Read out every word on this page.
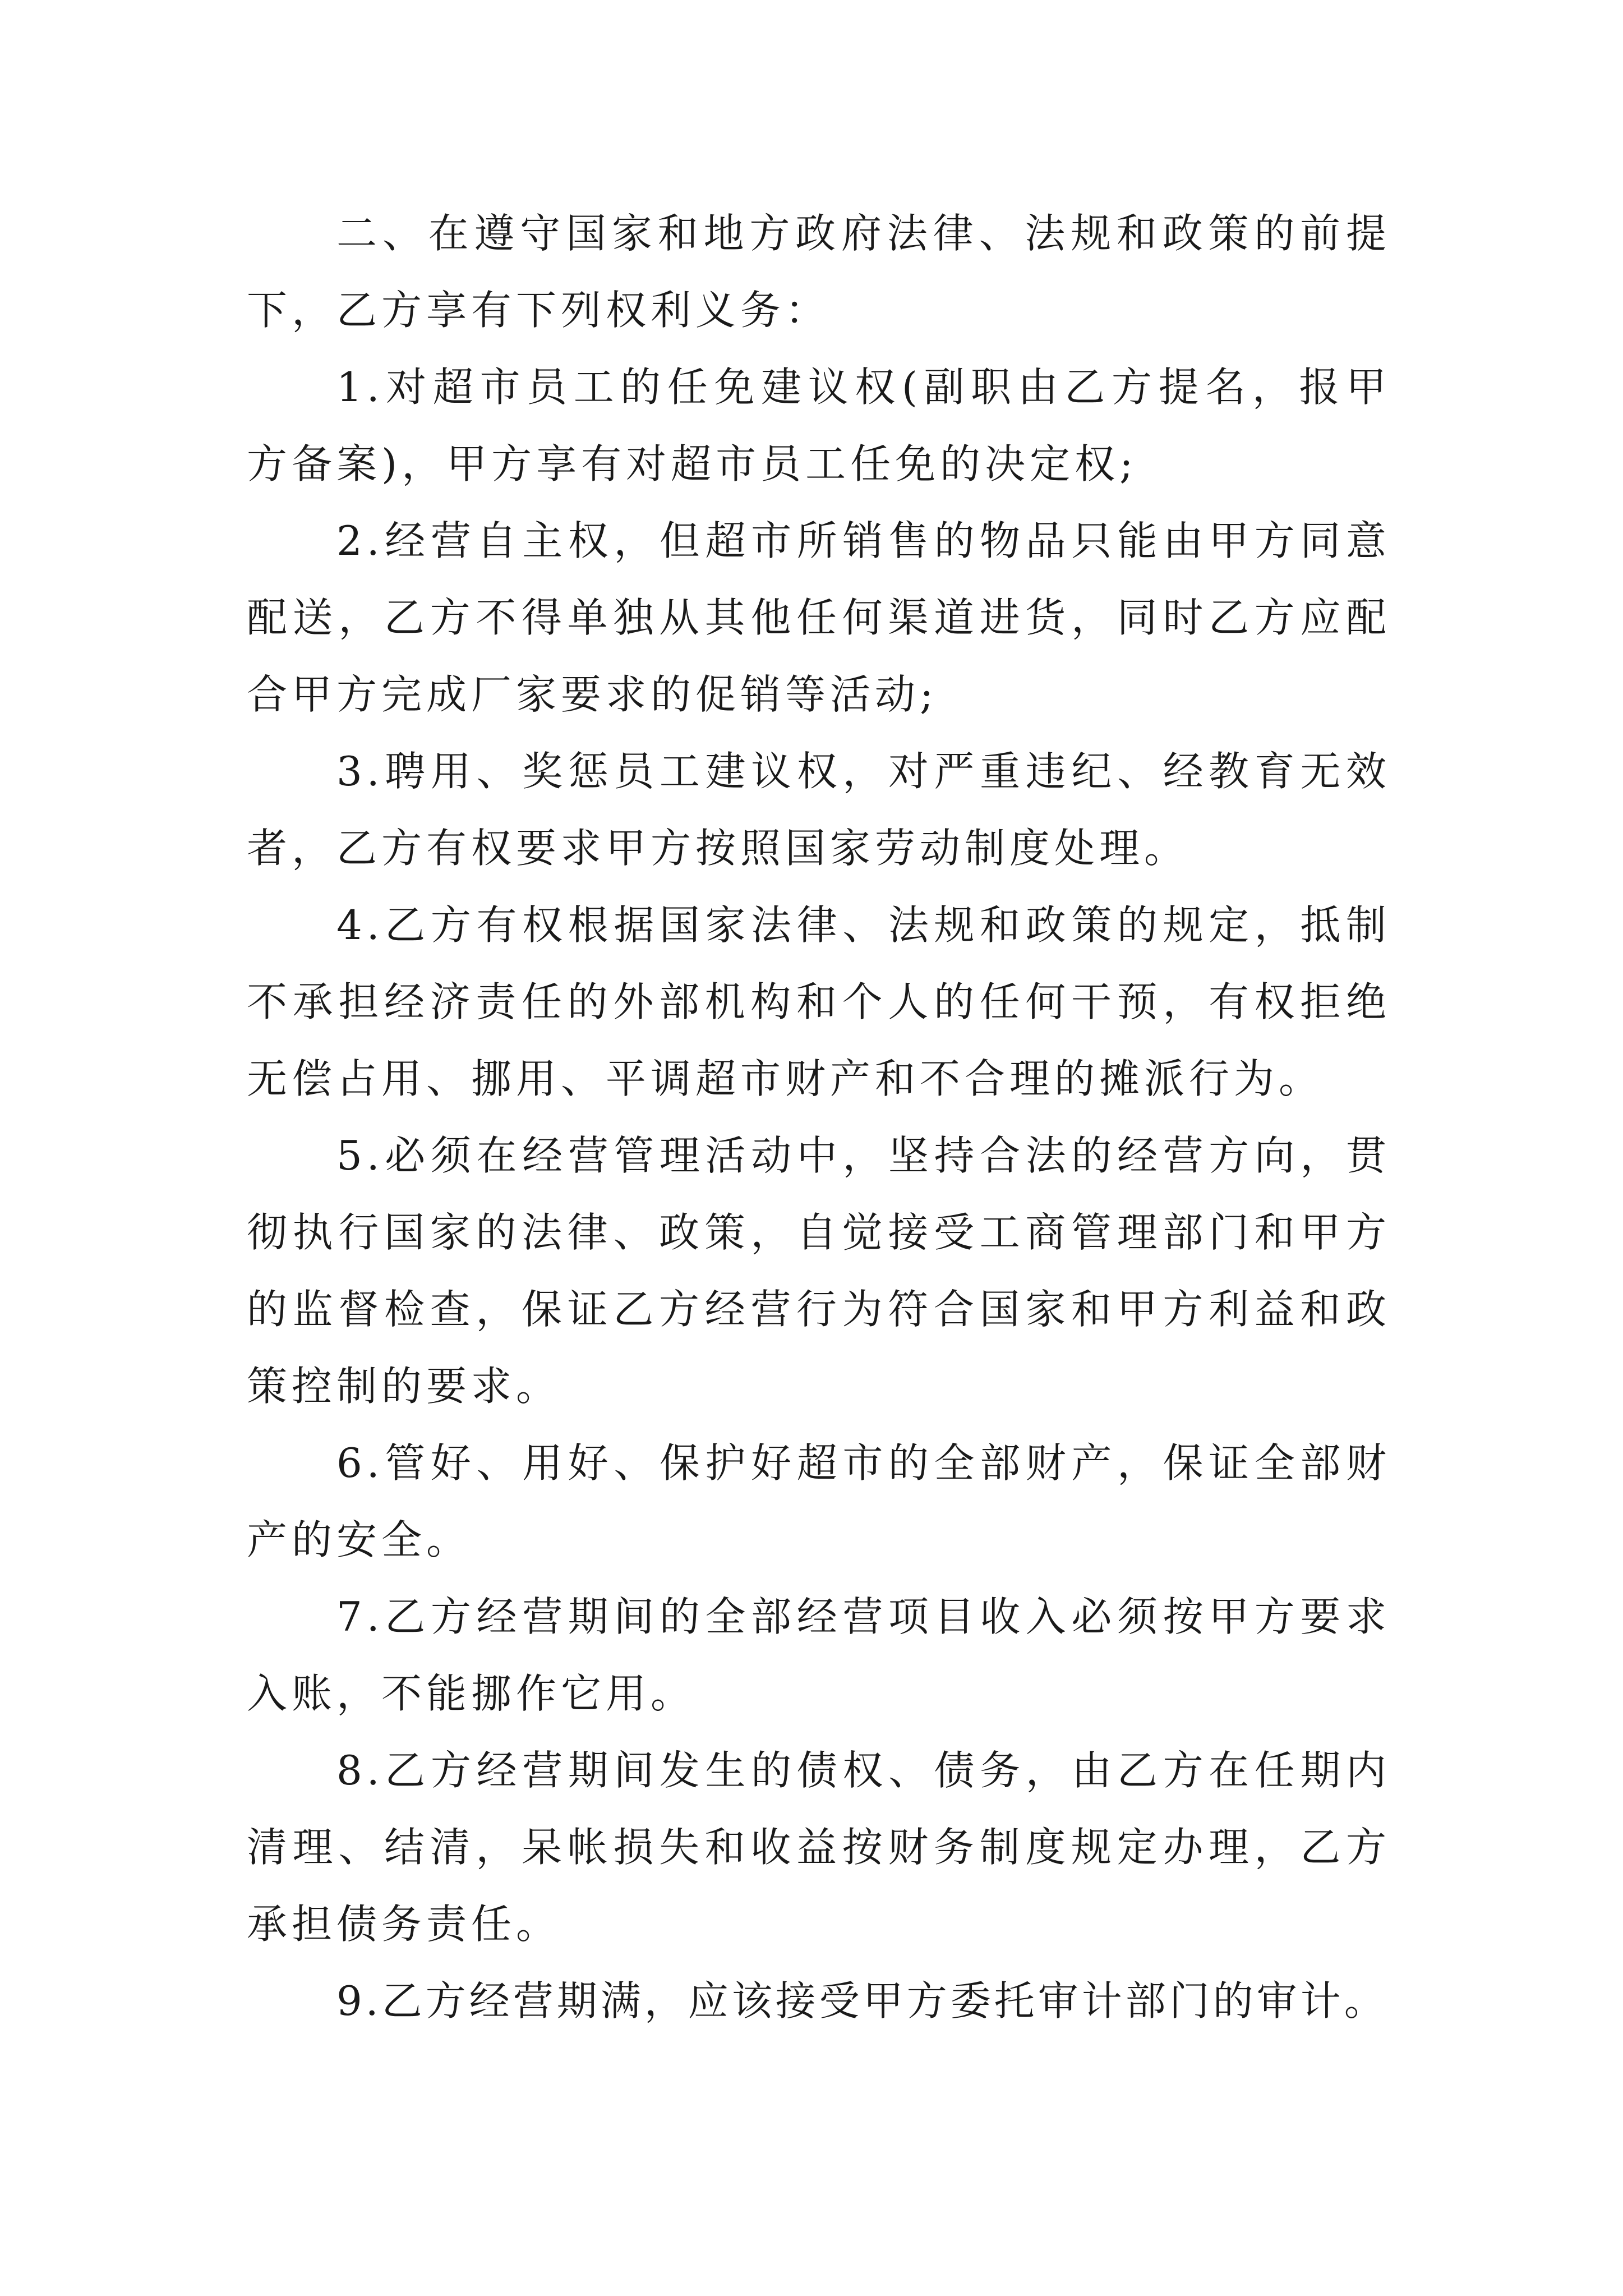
二、在遵守国家和地方政府法律、法规和政策的前提下，乙方享有下列权利义务：

1.对超市员工的任免建议权(副职由乙方提名，报甲方备案)，甲方享有对超市员工任免的决定权;

2.经营自主权，但超市所销售的物品只能由甲方同意配送，乙方不得单独从其他任何渠道进货，同时乙方应配合甲方完成厂家要求的促销等活动;

3.聘用、奖惩员工建议权，对严重违纪、经教育无效者，乙方有权要求甲方按照国家劳动制度处理。

4.乙方有权根据国家法律、法规和政策的规定，抵制不承担经济责任的外部机构和个人的任何干预，有权拒绝无偿占用、挪用、平调超市财产和不合理的摊派行为。

5.必须在经营管理活动中，坚持合法的经营方向，贯彻执行国家的法律、政策，自觉接受工商管理部门和甲方的监督检查，保证乙方经营行为符合国家和甲方利益和政策控制的要求。

6.管好、用好、保护好超市的全部财产，保证全部财产的安全。

7.乙方经营期间的全部经营项目收入必须按甲方要求入账，不能挪作它用。

8.乙方经营期间发生的债权、债务，由乙方在任期内清理、结清，呆帐损失和收益按财务制度规定办理，乙方承担债务责任。

9.乙方经营期满，应该接受甲方委托审计部门的审计。
